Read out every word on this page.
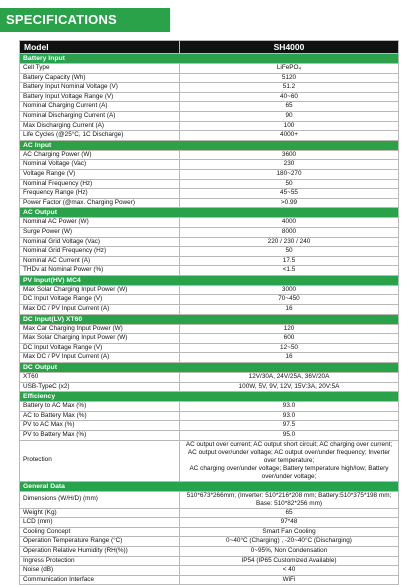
SPECIFICATIONS
Model	SH4000
Battery Input	
Cell Type	LiFePO₄
Battery Capacity (Wh)	5120
Battery Input Nominal Voltage (V)	51.2
Battery Input Voltage Range (V)	40~60
Nominal Charging Current (A)	65
Nominal Discharging Current (A)	90
Max Discharging Current (A)	100
Life Cycles (@25°C, 1C Discharge)	4000+
AC Input	
AC Charging Power (W)	3600
Nominal Voltage (Vac)	230
Voltage Range (V)	180~270
Nominal Frequency (Hz)	50
Frequency Range (Hz)	45~55
Power Factor (@max. Charging Power)	>0.99
AC Output	
Nominal AC Power (W)	4000
Surge Power (W)	8000
Nominal Grid Voltage (Vac)	220 / 230 / 240
Nominal Grid Frequency (Hz)	50
Nominal AC Current (A)	17.5
THDv at Nominal Power (%)	<1.5
PV Input(HV) MC4	
Max Solar Charging Input Power (W)	3000
DC Input Voltage Range (V)	70~450
Max DC / PV Input Current (A)	16
DC Input(LV) XT60	
Max Car Charging Input Power (W)	120
Max Solar Charging Input Power (W)	600
DC Input Voltage Range (V)	12~50
Max DC / PV Input Current (A)	16
DC Output	
XT60	12V/30A, 24V/25A, 36V/20A
USB-TypeC (x2)	100W, 5V, 9V, 12V, 15V:3A, 20V:5A
Efficiency	
Battery to AC Max (%)	93.0
AC to Battery Max (%)	93.0
PV to AC Max (%)	97.5
PV to Battery Max (%)	95.0
Protection	AC output over current; AC output short circuit; AC charging over current;
AC output over/under voltage; AC output over/under frequency; Inverter over temperature;
AC charging over/under voltage; Battery temperature high/low; Battery over/under voltage;

General Data	
Dimensions (W/H/D) (mm)	510*673*266mm; (Inverter: 510*216*208 mm; Battery:510*375*198 mm;
Base: 510*82*256 mm)

Weight (Kg)	65
LCD (mm)	97*48
Cooling Concept	Smart Fan Cooling
Operation Temperature Range (°C)	0~40°C (Charging) , -20~40°C (Discharging)
Operation Relative Humidity (RH(%))	0~95%, Non Condensation
Ingress Protection	IP54 (IP65 Customized Available)
Noise (dB)	< 40
Communication Interface	WiFi
